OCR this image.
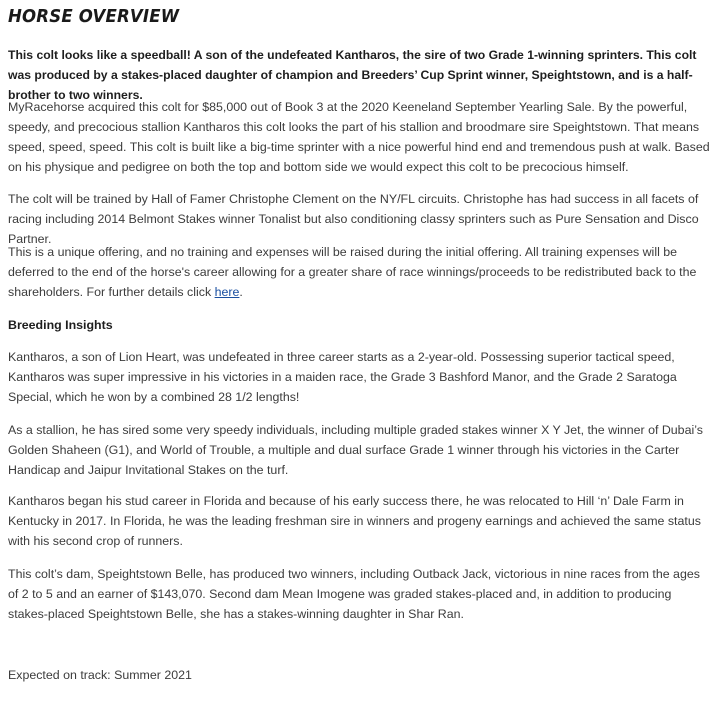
HORSE OVERVIEW

This colt looks like a speedball! A son of the undefeated Kantharos, the sire of two Grade 1-winning sprinters. This colt was produced by a stakes-placed daughter of champion and Breeders’ Cup Sprint winner, Speightstown, and is a half-brother to two winners.

MyRacehorse acquired this colt for $85,000 out of Book 3 at the 2020 Keeneland September Yearling Sale. By the powerful, speedy, and precocious stallion Kantharos this colt looks the part of his stallion and broodmare sire Speightstown. That means speed, speed, speed. This colt is built like a big-time sprinter with a nice powerful hind end and tremendous push at walk. Based on his physique and pedigree on both the top and bottom side we would expect this colt to be precocious himself.

The colt will be trained by Hall of Famer Christophe Clement on the NY/FL circuits. Christophe has had success in all facets of racing including 2014 Belmont Stakes winner Tonalist but also conditioning classy sprinters such as Pure Sensation and Disco Partner.

This is a unique offering, and no training and expenses will be raised during the initial offering. All training expenses will be deferred to the end of the horse's career allowing for a greater share of race winnings/proceeds to be redistributed back to the shareholders. For further details click here.

Breeding Insights

Kantharos, a son of Lion Heart, was undefeated in three career starts as a 2-year-old. Possessing superior tactical speed, Kantharos was super impressive in his victories in a maiden race, the Grade 3 Bashford Manor, and the Grade 2 Saratoga Special, which he won by a combined 28 1/2 lengths!

As a stallion, he has sired some very speedy individuals, including multiple graded stakes winner X Y Jet, the winner of Dubai’s Golden Shaheen (G1), and World of Trouble, a multiple and dual surface Grade 1 winner through his victories in the Carter Handicap and Jaipur Invitational Stakes on the turf.

Kantharos began his stud career in Florida and because of his early success there, he was relocated to Hill ‘n’ Dale Farm in Kentucky in 2017. In Florida, he was the leading freshman sire in winners and progeny earnings and achieved the same status with his second crop of runners.

This colt’s dam, Speightstown Belle, has produced two winners, including Outback Jack, victorious in nine races from the ages of 2 to 5 and an earner of $143,070. Second dam Mean Imogene was graded stakes-placed and, in addition to producing stakes-placed Speightstown Belle, she has a stakes-winning daughter in Shar Ran.

Expected on track: Summer 2021
